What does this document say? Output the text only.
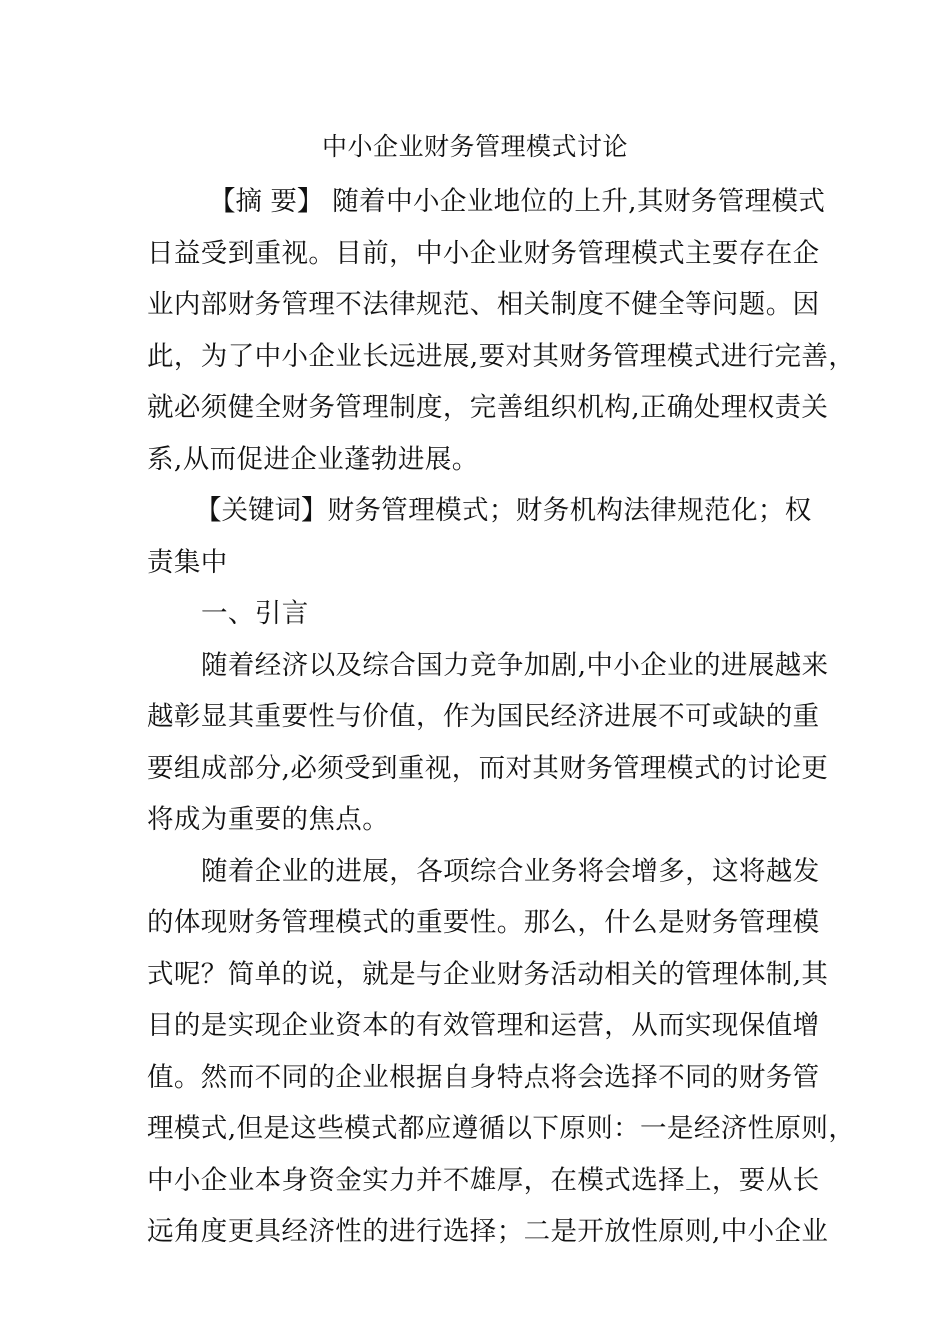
中小企业财务管理模式讨论
【摘 要】 随着中小企业地位的上升,其财务管理模式
日益受到重视。目前，中小企业财务管理模式主要存在企
业内部财务管理不法律规范、相关制度不健全等问题。因
此，为了中小企业长远进展,要对其财务管理模式进行完善，
就必须健全财务管理制度，完善组织机构,正确处理权责关
系,从而促进企业蓬勃进展。
【关键词】财务管理模式；财务机构法律规范化；权
责集中
一、引言
随着经济以及综合国力竞争加剧,中小企业的进展越来
越彰显其重要性与价值，作为国民经济进展不可或缺的重
要组成部分,必须受到重视，而对其财务管理模式的讨论更
将成为重要的焦点。
随着企业的进展，各项综合业务将会增多，这将越发
的体现财务管理模式的重要性。那么，什么是财务管理模
式呢？简单的说，就是与企业财务活动相关的管理体制,其
目的是实现企业资本的有效管理和运营，从而实现保值增
值。然而不同的企业根据自身特点将会选择不同的财务管
理模式,但是这些模式都应遵循以下原则：一是经济性原则，
中小企业本身资金实力并不雄厚，在模式选择上，要从长
远角度更具经济性的进行选择；二是开放性原则,中小企业
